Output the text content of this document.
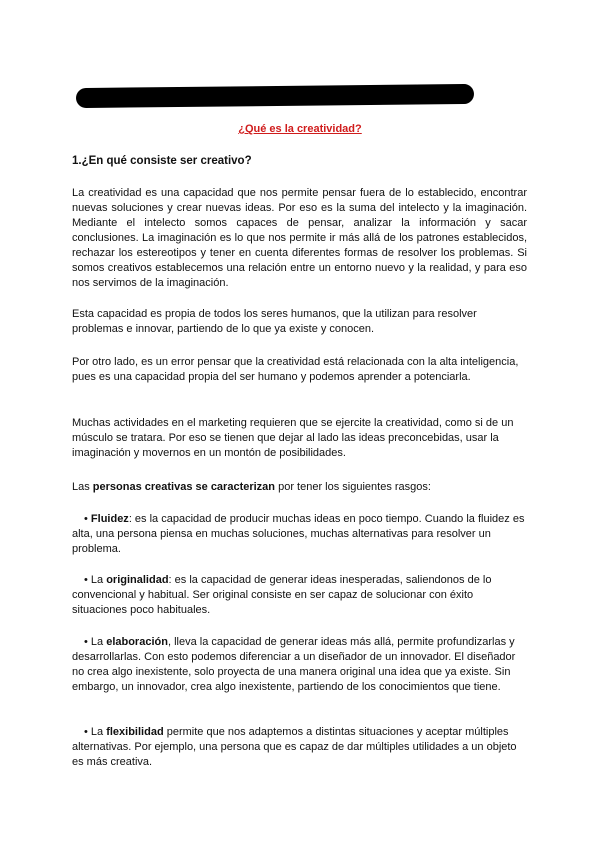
¿Qué es la creatividad?
1.¿En qué consiste ser creativo?

La creatividad es una capacidad que nos permite pensar fuera de lo establecido, encontrar nuevas soluciones y crear nuevas ideas. Por eso es la suma del intelecto y la imaginación. Mediante el intelecto somos capaces de pensar, analizar la información y sacar conclusiones. La imaginación es lo que nos permite ir más allá de los patrones establecidos, rechazar los estereotipos y tener en cuenta diferentes formas de resolver los problemas. Si somos creativos establecemos una relación entre un entorno nuevo y la realidad, y para eso nos servimos de la imaginación.

Esta capacidad es propia de todos los seres humanos, que la utilizan para resolver problemas e innovar, partiendo de lo que ya existe y conocen.

Por otro lado, es un error pensar que la creatividad está relacionada con la alta inteligencia, pues es una capacidad propia del ser humano y podemos aprender a potenciarla.

Muchas actividades en el marketing requieren que se ejercite la creatividad, como si de un músculo se tratara. Por eso se tienen que dejar al lado las ideas preconcebidas, usar la imaginación y movernos en un montón de posibilidades.

Las personas creativas se caracterizan por tener los siguientes rasgos:

• Fluidez: es la capacidad de producir muchas ideas en poco tiempo. Cuando la fluidez es alta, una persona piensa en muchas soluciones, muchas alternativas para resolver un problema.

• La originalidad: es la capacidad de generar ideas inesperadas, saliendonos de lo convencional y habitual. Ser original consiste en ser capaz de solucionar con éxito situaciones poco habituales.

• La elaboración, lleva la capacidad de generar ideas más allá, permite profundizarlas y desarrollarlas. Con esto podemos diferenciar a un diseñador de un innovador. El diseñador no crea algo inexistente, solo proyecta de una manera original una idea que ya existe. Sin embargo, un innovador, crea algo inexistente, partiendo de los conocimientos que tiene.

• La flexibilidad permite que nos adaptemos a distintas situaciones y aceptar múltiples alternativas. Por ejemplo, una persona que es capaz de dar múltiples utilidades a un objeto es más creativa.
